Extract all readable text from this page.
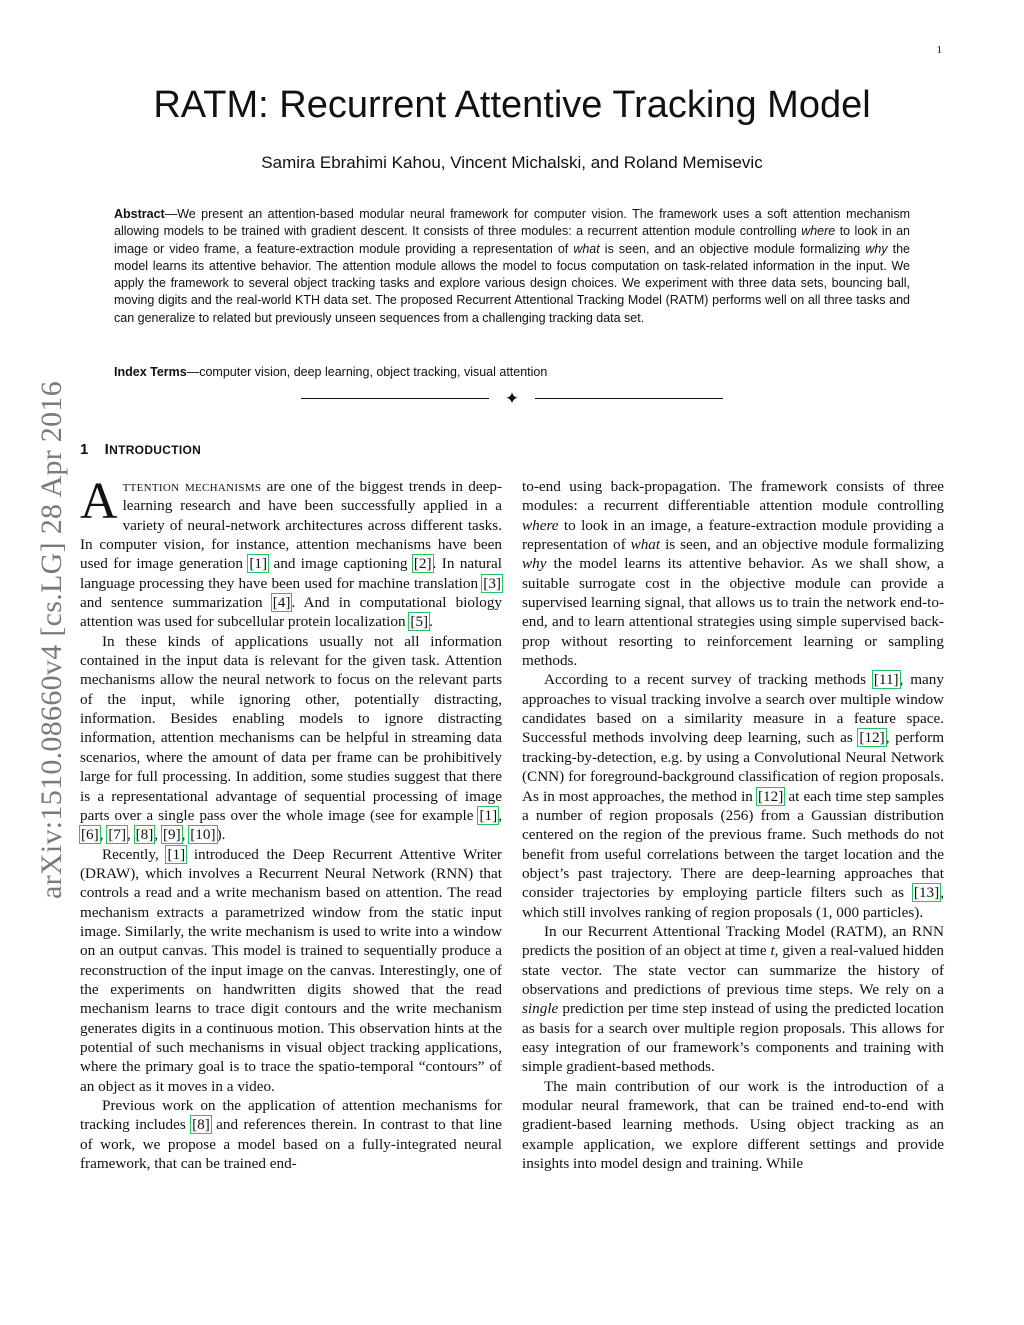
1
arXiv:1510.08660v4 [cs.LG] 28 Apr 2016
RATM: Recurrent Attentive Tracking Model
Samira Ebrahimi Kahou, Vincent Michalski, and Roland Memisevic

Abstract—We present an attention-based modular neural framework for computer vision. The framework uses a soft attention mechanism allowing models to be trained with gradient descent. It consists of three modules: a recurrent attention module controlling where to look in an image or video frame, a feature-extraction module providing a representation of what is seen, and an objective module formalizing why the model learns its attentive behavior. The attention module allows the model to focus computation on task-related information in the input. We apply the framework to several object tracking tasks and explore various design choices. We experiment with three data sets, bouncing ball, moving digits and the real-world KTH data set. The proposed Recurrent Attentional Tracking Model (RATM) performs well on all three tasks and can generalize to related but previously unseen sequences from a challenging tracking data set.

Index Terms—computer vision, deep learning, object tracking, visual attention

✦
1 INTRODUCTION

Attention mechanisms are one of the biggest trends in deep-learning research and have been successfully applied in a variety of neural-network architectures across different tasks. In computer vision, for instance, attention mechanisms have been used for image generation [1] and image captioning [2]. In natural language processing they have been used for machine translation [3] and sentence summarization [4]. And in computational biology attention was used for subcellular protein localization [5].

In these kinds of applications usually not all information contained in the input data is relevant for the given task. Attention mechanisms allow the neural network to focus on the relevant parts of the input, while ignoring other, potentially distracting, information. Besides enabling models to ignore distracting information, attention mechanisms can be helpful in streaming data scenarios, where the amount of data per frame can be prohibitively large for full processing. In addition, some studies suggest that there is a representational advantage of sequential processing of image parts over a single pass over the whole image (see for example [1], [6], [7], [8], [9], [10]).

Recently, [1] introduced the Deep Recurrent Attentive Writer (DRAW), which involves a Recurrent Neural Network (RNN) that controls a read and a write mechanism based on attention. The read mechanism extracts a parametrized window from the static input image. Similarly, the write mechanism is used to write into a window on an output canvas. This model is trained to sequentially produce a reconstruction of the input image on the canvas. Interestingly, one of the experiments on handwritten digits showed that the read mechanism learns to trace digit contours and the write mechanism generates digits in a continuous motion. This observation hints at the potential of such mechanisms in visual object tracking applications, where the primary goal is to trace the spatio-temporal “contours” of an object as it moves in a video.

Previous work on the application of attention mechanisms for tracking includes [8] and references therein. In contrast to that line of work, we propose a model based on a fully-integrated neural framework, that can be trained end-

to-end using back-propagation. The framework consists of three modules: a recurrent differentiable attention module controlling where to look in an image, a feature-extraction module providing a representation of what is seen, and an objective module formalizing why the model learns its attentive behavior. As we shall show, a suitable surrogate cost in the objective module can provide a supervised learning signal, that allows us to train the network end-to-end, and to learn attentional strategies using simple supervised back-prop without resorting to reinforcement learning or sampling methods.

According to a recent survey of tracking methods [11], many approaches to visual tracking involve a search over multiple window candidates based on a similarity measure in a feature space. Successful methods involving deep learning, such as [12], perform tracking-by-detection, e.g. by using a Convolutional Neural Network (CNN) for foreground-background classification of region proposals. As in most approaches, the method in [12] at each time step samples a number of region proposals (256) from a Gaussian distribution centered on the region of the previous frame. Such methods do not benefit from useful correlations between the target location and the object’s past trajectory. There are deep-learning approaches that consider trajectories by employing particle filters such as [13], which still involves ranking of region proposals (1, 000 particles).

In our Recurrent Attentional Tracking Model (RATM), an RNN predicts the position of an object at time t, given a real-valued hidden state vector. The state vector can summarize the history of observations and predictions of previous time steps. We rely on a single prediction per time step instead of using the predicted location as basis for a search over multiple region proposals. This allows for easy integration of our framework’s components and training with simple gradient-based methods.

The main contribution of our work is the introduction of a modular neural framework, that can be trained end-to-end with gradient-based learning methods. Using object tracking as an example application, we explore different settings and provide insights into model design and training. While
